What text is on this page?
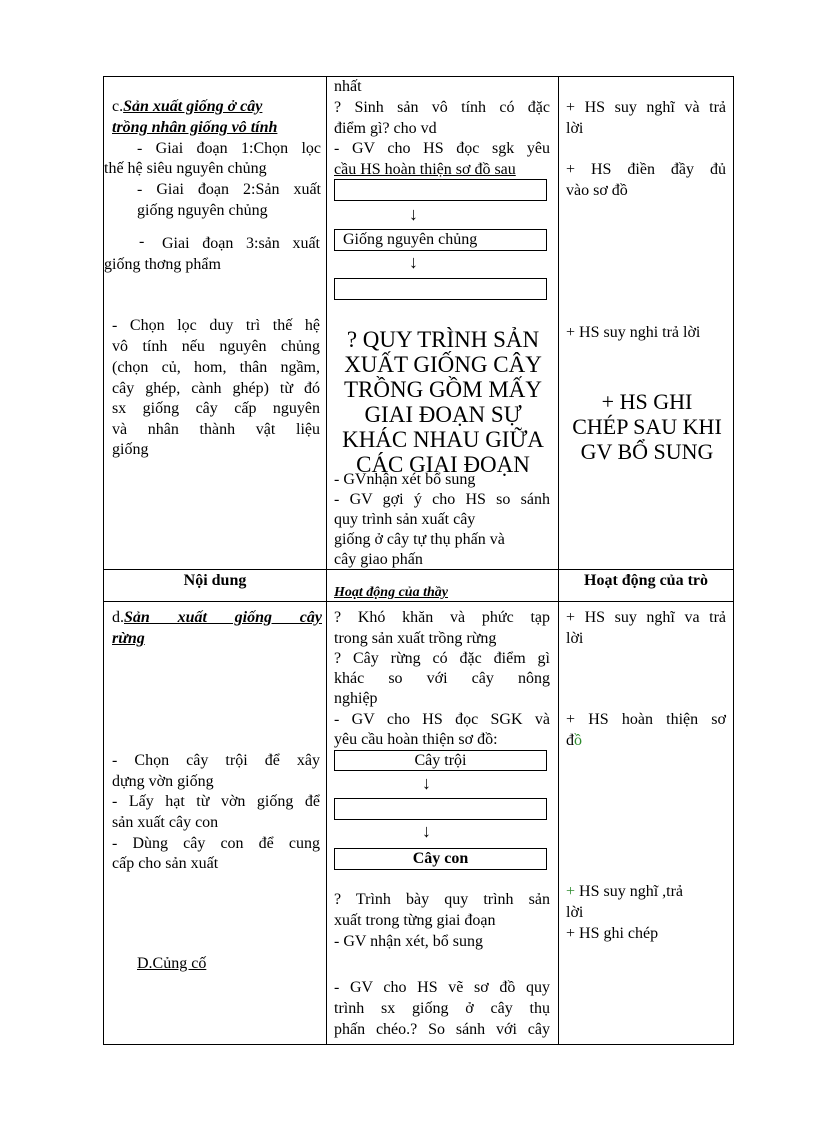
c.Sản xuất giống ở cây
trồng nhân giống vô tính
- Giai đoạn 1:Chọn lọc
thế hệ siêu nguyên chủng
- Giai đoạn 2:Sản xuất
giống nguyên chủng
- Giai đoạn 3:sản xuất
giống thơng phẩm
- Chọn lọc duy trì thế hệ
vô tính nếu nguyên chủng
(chọn củ, hom, thân ngầm,
cây ghép, cành ghép) từ đó
sx giống cây cấp nguyên
và nhân thành vật liệu
giống
nhất
? Sinh sản vô tính có đặc
điểm gì? cho vd
- GV cho HS đọc sgk yêu
cầu HS hoàn thiện sơ đồ sau
↓
Giống nguyên chủng
↓
? QUY TRÌNH SẢN XUẤT GIỐNG CÂY TRỒNG GỒM MẤY GIAI ĐOẠN SỰ KHÁC NHAU GIỮA CÁC GIAI ĐOẠN
- GVnhận xét bổ sung
- GV gợi ý cho HS so sánh
quy trình sản xuất cây
giống ở cây tự thụ phấn và
cây giao phấn
+ HS suy nghĩ và trả
lời
+ HS điền đầy đủ
vào sơ đồ
+ HS suy nghi trả lời
+ HS GHI CHÉP SAU KHI GV BỔ SUNG
Nội dung
Hoạt động của thầy
Hoạt động của trò
d.Sản xuất giống cây
rừng
- Chọn cây trội để xây
dựng vờn giống
- Lấy hạt từ vờn giống để
sản xuất cây con
- Dùng cây con để cung
cấp cho sản xuất
D.Củng cố
? Khó khăn và phức tạp
trong sản xuất trồng rừng
? Cây rừng có đặc điểm gì
khác so với cây nông
nghiệp
- GV cho HS đọc SGK và
yêu cầu hoàn thiện sơ đồ:
Cây trội
↓
↓
Cây con
? Trình bày quy trình sản
xuất trong từng giai đoạn
- GV nhận xét, bổ sung
- GV cho HS vẽ sơ đồ quy
trình sx giống ở cây thụ
phấn chéo.? So sánh với cây
+ HS suy nghĩ va trả
lời
+ HS hoàn thiện sơ
đồ
+ HS suy nghĩ ,trả
lời
+ HS ghi chép
